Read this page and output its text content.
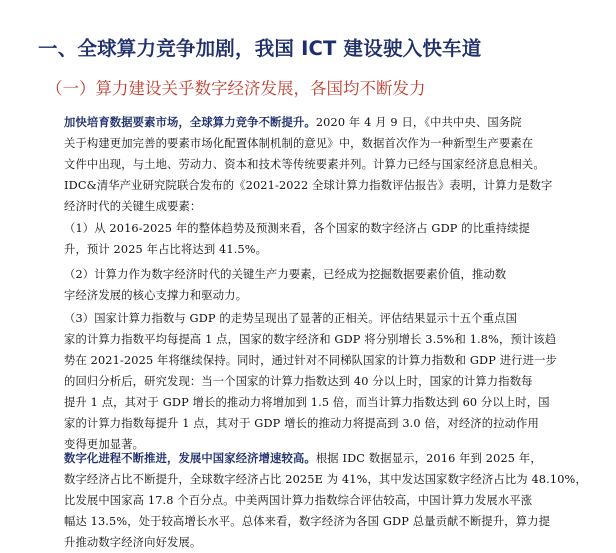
一、全球算力竞争加剧，我国 ICT 建设驶入快车道
（一）算力建设关乎数字经济发展，各国均不断发力
加快培育数据要素市场，全球算力竞争不断提升。2020 年 4 月 9 日，《中共中央、国务院
关于构建更加完善的要素市场化配置体制机制的意见》中，数据首次作为一种新型生产要素在
文件中出现，与土地、劳动力、资本和技术等传统要素并列。计算力已经与国家经济息息相关。
IDC&清华产业研究院联合发布的《2021-2022 全球计算力指数评估报告》表明，计算力是数字
经济时代的关键生成要素：
（1）从 2016-2025 年的整体趋势及预测来看，各个国家的数字经济占 GDP 的比重持续提
升，预计 2025 年占比将达到 41.5%。
（2）计算力作为数字经济时代的关键生产力要素，已经成为挖掘数据要素价值，推动数
字经济发展的核心支撑力和驱动力。
（3）国家计算力指数与 GDP 的走势呈现出了显著的正相关。评估结果显示十五个重点国
家的计算力指数平均每提高 1 点，国家的数字经济和 GDP 将分别增长 3.5%和 1.8%，预计该趋
势在 2021-2025 年将继续保持。同时，通过针对不同梯队国家的计算力指数和 GDP 进行进一步
的回归分析后，研究发现：当一个国家的计算力指数达到 40 分以上时，国家的计算力指数每
提升 1 点，其对于 GDP 增长的推动力将增加到 1.5 倍，而当计算力指数达到 60 分以上时，国
家的计算力指数每提升 1 点，其对于 GDP 增长的推动力将提高到 3.0 倍，对经济的拉动作用
变得更加显著。
数字化进程不断推进，发展中国家经济增速较高。根据 IDC 数据显示，2016 年到 2025 年，
数字经济占比不断提升，全球数字经济占比 2025E 为 41%，其中发达国家数字经济占比为 48.10%，
比发展中国家高 17.8 个百分点。中美两国计算力指数综合评估较高，中国计算力发展水平涨
幅达 13.5%，处于较高增长水平。总体来看，数字经济为各国 GDP 总量贡献不断提升，算力提
升推动数字经济向好发展。
